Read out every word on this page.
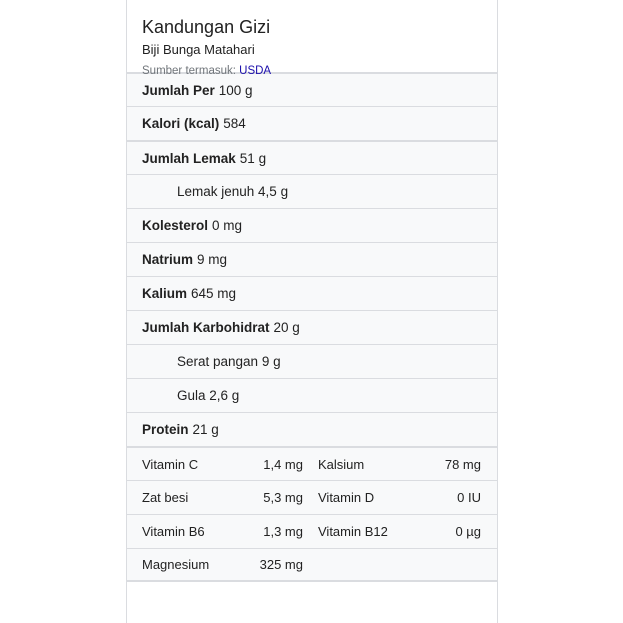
Kandungan Gizi
Biji Bunga Matahari
Sumber termasuk: USDA
Jumlah Per 100 g
Kalori (kcal) 584
Jumlah Lemak 51 g
Lemak jenuh 4,5 g
Kolesterol 0 mg
Natrium 9 mg
Kalium 645 mg
Jumlah Karbohidrat 20 g
Serat pangan 9 g
Gula 2,6 g
Protein 21 g
Vitamin C	1,4 mg Kalsium	78 mg
Zat besi	5,3 mg Vitamin D	0 IU
Vitamin B6	1,3 mg Vitamin B12	0 µg
Magnesium	325 mg
